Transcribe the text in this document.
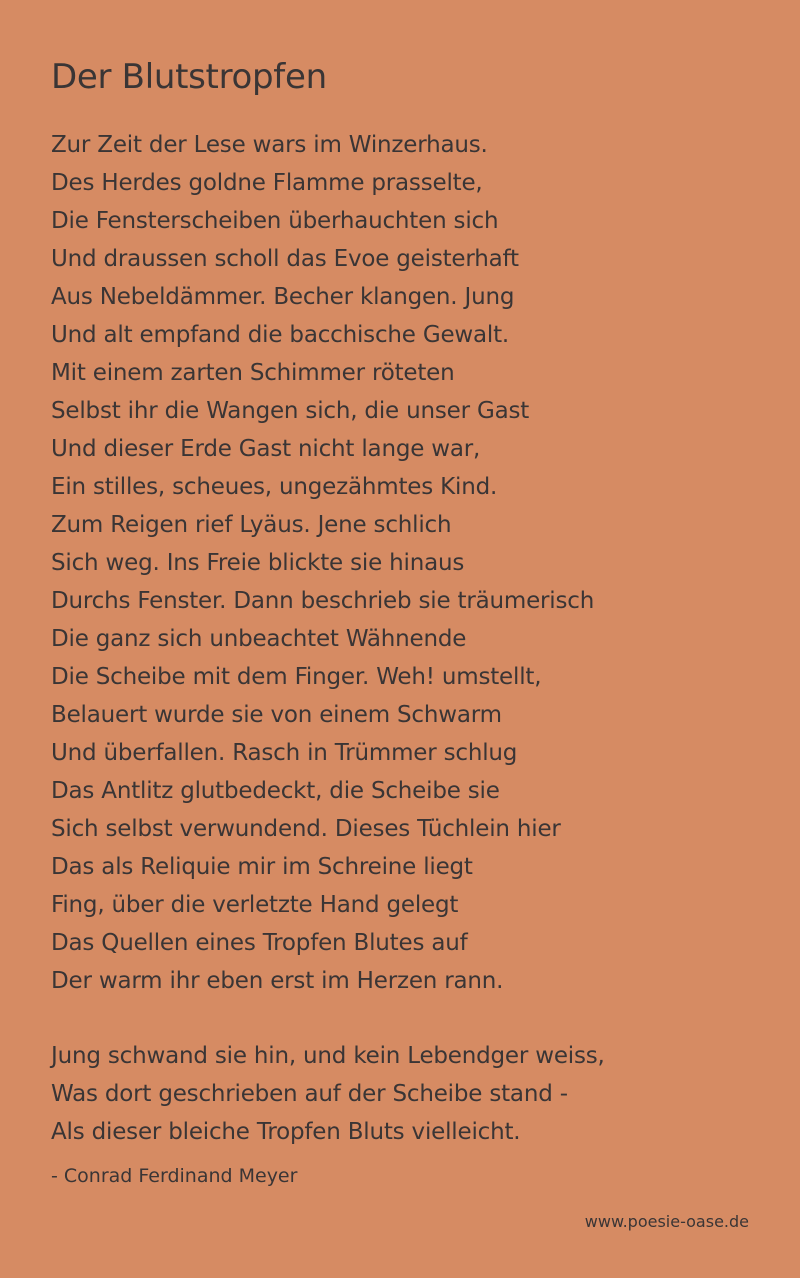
Der Blutstropfen
Zur Zeit der Lese wars im Winzerhaus.
Des Herdes goldne Flamme prasselte,
Die Fensterscheiben überhauchten sich
Und draussen scholl das Evoe geisterhaft
Aus Nebeldämmer. Becher klangen. Jung
Und alt empfand die bacchische Gewalt.
Mit einem zarten Schimmer röteten
Selbst ihr die Wangen sich, die unser Gast
Und dieser Erde Gast nicht lange war,
Ein stilles, scheues, ungezähmtes Kind.
Zum Reigen rief Lyäus. Jene schlich
Sich weg. Ins Freie blickte sie hinaus
Durchs Fenster. Dann beschrieb sie träumerisch
Die ganz sich unbeachtet Wähnende
Die Scheibe mit dem Finger. Weh! umstellt,
Belauert wurde sie von einem Schwarm
Und überfallen. Rasch in Trümmer schlug
Das Antlitz glutbedeckt, die Scheibe sie
Sich selbst verwundend. Dieses Tüchlein hier
Das als Reliquie mir im Schreine liegt
Fing, über die verletzte Hand gelegt
Das Quellen eines Tropfen Blutes auf
Der warm ihr eben erst im Herzen rann.
Jung schwand sie hin, und kein Lebendger weiss,
Was dort geschrieben auf der Scheibe stand -
Als dieser bleiche Tropfen Bluts vielleicht.

- Conrad Ferdinand Meyer

www.poesie-oase.de
